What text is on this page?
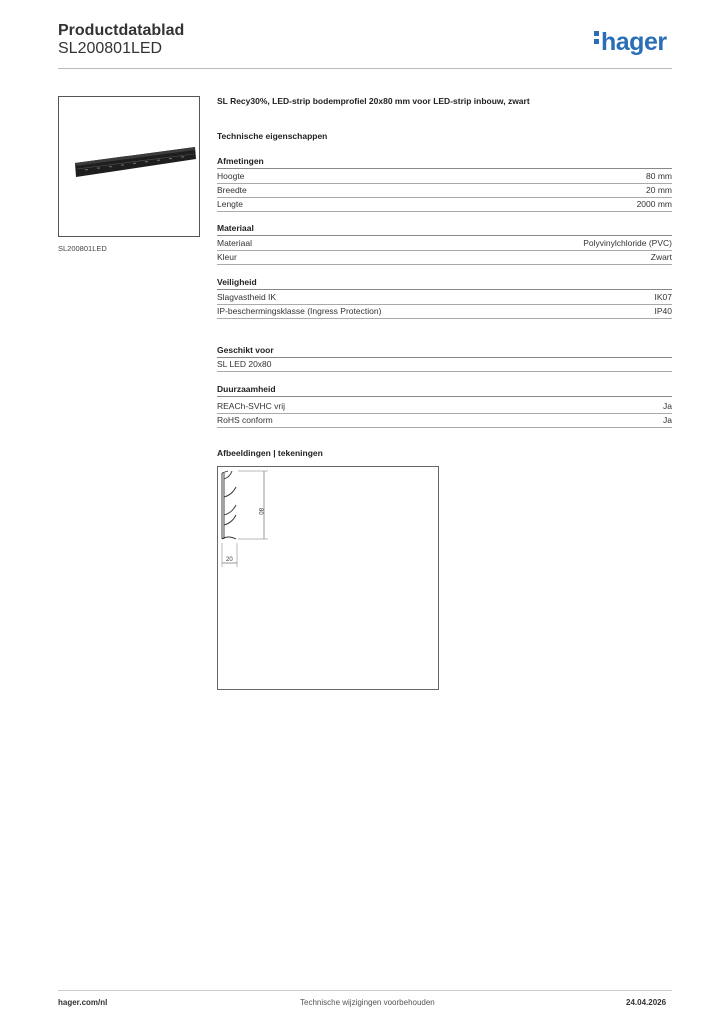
Productdatablad
SL200801LED	hager
SL200801LED
SL Recy30%, LED-strip bodemprofiel 20x80 mm voor LED-strip inbouw, zwart
Technische eigenschappen
Afmetingen
Hoogte	80 mm
Breedte	20 mm
Lengte	2000 mm
Materiaal
Materiaal	Polyvinylchloride (PVC)
Kleur	Zwart
Veiligheid
Slagvastheid IK	IK07
IP-beschermingsklasse (Ingress Protection)	IP40
Geschikt voor
SL LED 20x80
Duurzaamheid
REACh-SVHC vrij	Ja
RoHS conform	Ja
Afbeeldingen | tekeningen
80
20
hager.com/nl	Technische wijzigingen voorbehouden	24.04.2026
